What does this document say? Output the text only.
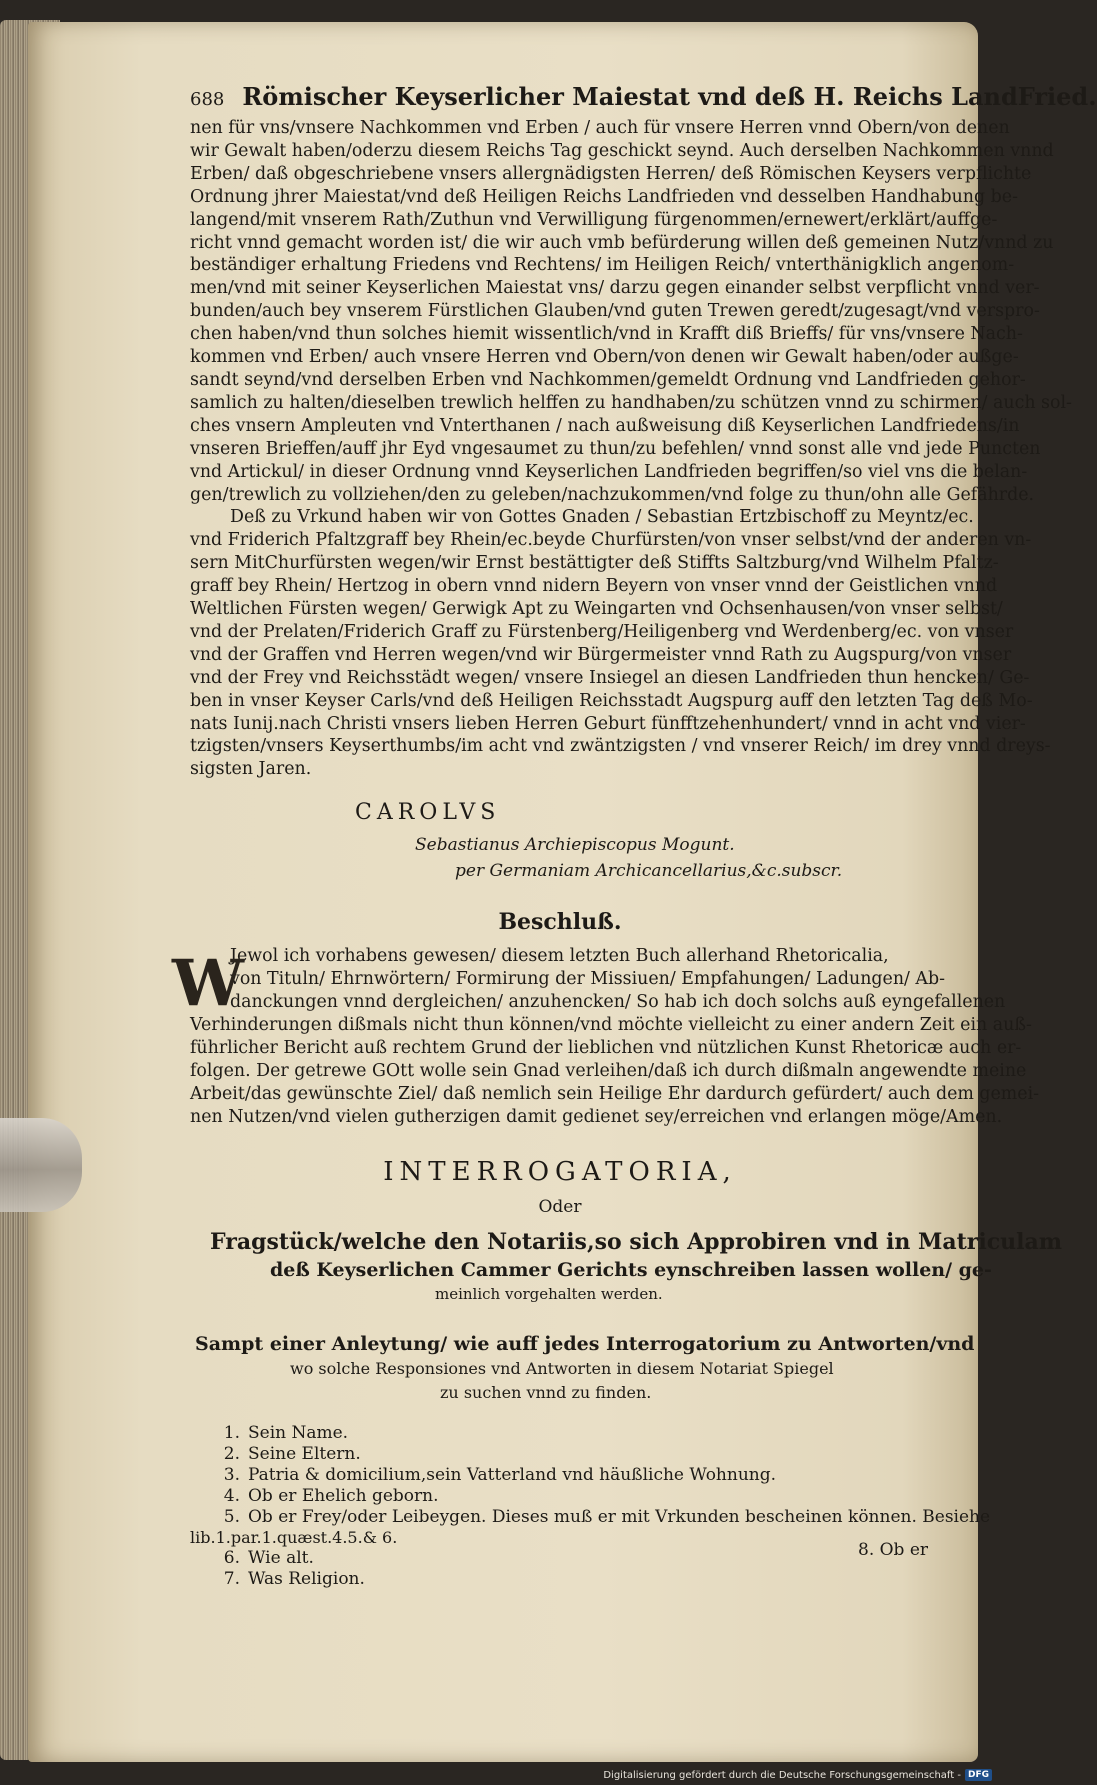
688 Römischer Keyserlicher Maiestat vnd deß H. Reichs LandFried.
nen für vns/vnsere Nachkommen vnd Erben / auch für vnsere Herren vnnd Obern/von denen
wir Gewalt haben/oderzu diesem Reichs Tag geschickt seynd. Auch derselben Nachkommen vnnd
Erben/ daß obgeschriebene vnsers allergnädigsten Herren/ deß Römischen Keysers verpflichte
Ordnung jhrer Maiestat/vnd deß Heiligen Reichs Landfrieden vnd desselben Handhabung be-
langend/mit vnserem Rath/Zuthun vnd Verwilligung fürgenommen/ernewert/erklärt/auffge-
richt vnnd gemacht worden ist/ die wir auch vmb befürderung willen deß gemeinen Nutz/vnnd zu
beständiger erhaltung Friedens vnd Rechtens/ im Heiligen Reich/ vnterthänigklich angenom-
men/vnd mit seiner Keyserlichen Maiestat vns/ darzu gegen einander selbst verpflicht vnnd ver-
bunden/auch bey vnserem Fürstlichen Glauben/vnd guten Trewen geredt/zugesagt/vnd verspro-
chen haben/vnd thun solches hiemit wissentlich/vnd in Krafft diß Brieffs/ für vns/vnsere Nach-
kommen vnd Erben/ auch vnsere Herren vnd Obern/von denen wir Gewalt haben/oder außge-
sandt seynd/vnd derselben Erben vnd Nachkommen/gemeldt Ordnung vnd Landfrieden gehor-
samlich zu halten/dieselben trewlich helffen zu handhaben/zu schützen vnnd zu schirmen/ auch sol-
ches vnsern Ampleuten vnd Vnterthanen / nach außweisung diß Keyserlichen Landfriedens/in
vnseren Brieffen/auff jhr Eyd vngesaumet zu thun/zu befehlen/ vnnd sonst alle vnd jede Puncten
vnd Artickul/ in dieser Ordnung vnnd Keyserlichen Landfrieden begriffen/so viel vns die belan-
gen/trewlich zu vollziehen/den zu geleben/nachzukommen/vnd folge zu thun/ohn alle Gefährde.
Deß zu Vrkund haben wir von Gottes Gnaden / Sebastian Ertzbischoff zu Meyntz/ec.
vnd Friderich Pfaltzgraff bey Rhein/ec.beyde Churfürsten/von vnser selbst/vnd der anderen vn-
sern MitChurfürsten wegen/wir Ernst bestättigter deß Stiffts Saltzburg/vnd Wilhelm Pfaltz-
graff bey Rhein/ Hertzog in obern vnnd nidern Beyern von vnser vnnd der Geistlichen vnnd
Weltlichen Fürsten wegen/ Gerwigk Apt zu Weingarten vnd Ochsenhausen/von vnser selbst/
vnd der Prelaten/Friderich Graff zu Fürstenberg/Heiligenberg vnd Werdenberg/ec. von vnser
vnd der Graffen vnd Herren wegen/vnd wir Bürgermeister vnnd Rath zu Augspurg/von vnser
vnd der Frey vnd Reichsstädt wegen/ vnsere Insiegel an diesen Landfrieden thun hencken/ Ge-
ben in vnser Keyser Carls/vnd deß Heiligen Reichsstadt Augspurg auff den letzten Tag deß Mo-
nats Iunij.nach Christi vnsers lieben Herren Geburt fünfftzehenhundert/ vnnd in acht vnd vier-
tzigsten/vnsers Keyserthumbs/im acht vnd zwäntzigsten / vnd vnserer Reich/ im drey vnnd dreys-
sigsten Jaren.
CAROLVS
Sebastianus Archiepiscopus Mogunt.
per Germaniam Archicancellarius,&c.subscr.
Beschluß.
W
Jewol ich vorhabens gewesen/ diesem letzten Buch allerhand Rhetoricalia,
von Tituln/ Ehrnwörtern/ Formirung der Missiuen/ Empfahungen/ Ladungen/ Ab-
danckungen vnnd dergleichen/ anzuhencken/ So hab ich doch solchs auß eyngefallenen
Verhinderungen dißmals nicht thun können/vnd möchte vielleicht zu einer andern Zeit ein auß-
führlicher Bericht auß rechtem Grund der lieblichen vnd nützlichen Kunst Rhetoricæ auch er-
folgen. Der getrewe GOtt wolle sein Gnad verleihen/daß ich durch dißmaln angewendte meine
Arbeit/das gewünschte Ziel/ daß nemlich sein Heilige Ehr dardurch gefürdert/ auch dem gemei-
nen Nutzen/vnd vielen gutherzigen damit gedienet sey/erreichen vnd erlangen möge/Amen.
INTERROGATORIA,
Oder
Fragstück/welche den Notariis,so sich Approbiren vnd in Matriculam
deß Keyserlichen Cammer Gerichts eynschreiben lassen wollen/ ge-
meinlich vorgehalten werden.
Sampt einer Anleytung/ wie auff jedes Interrogatorium zu Antworten/vnd
wo solche Responsiones vnd Antworten in diesem Notariat Spiegel
zu suchen vnnd zu finden.
1. Sein Name.
2. Seine Eltern.
3. Patria & domicilium,sein Vatterland vnd häußliche Wohnung.
4. Ob er Ehelich geborn.
5. Ob er Frey/oder Leibeygen. Dieses muß er mit Vrkunden bescheinen können. Besiehe
lib.1.par.1.quæst.4.5.& 6.
6. Wie alt.
7. Was Religion.
8. Ob er
Digitalisierung gefördert durch die Deutsche Forschungsgemeinschaft - DFG
